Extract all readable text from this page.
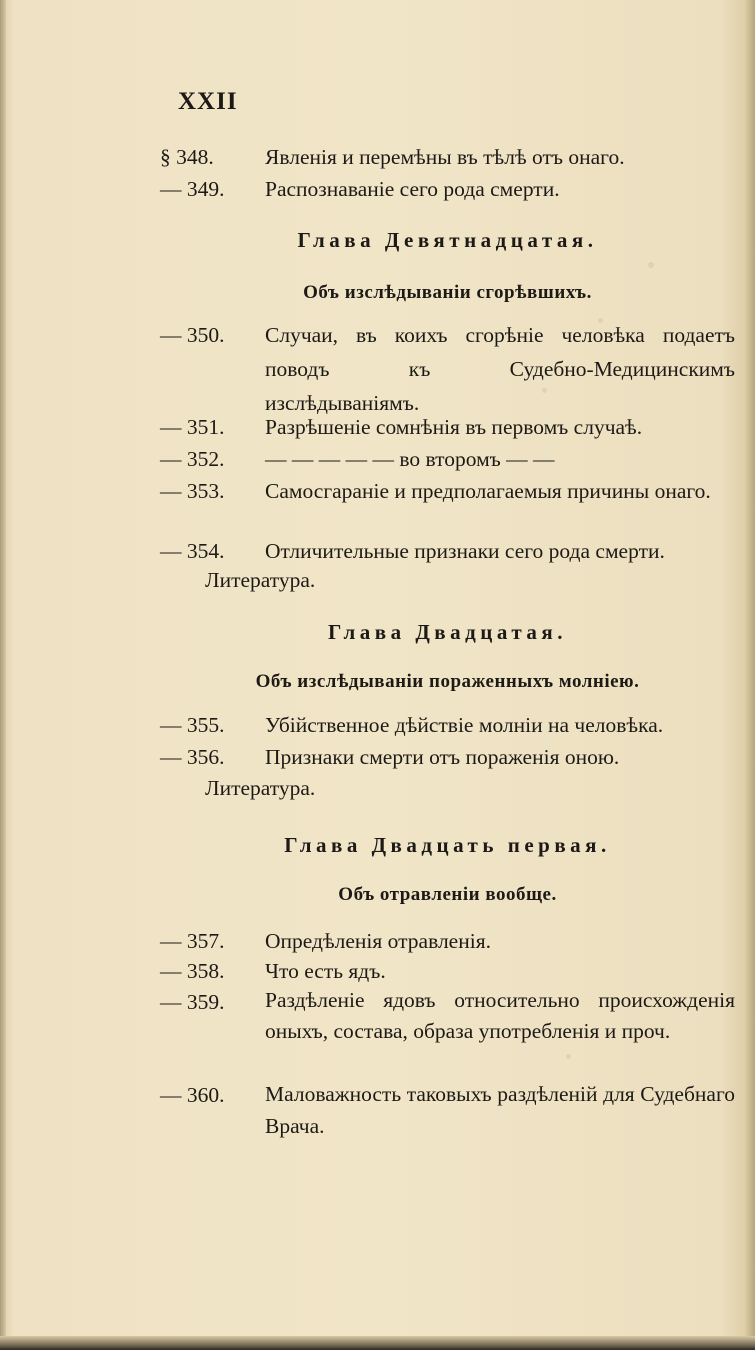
XXII
§ 348.	Явленія и перемѣны въ тѣлѣ отъ онаго.
— 349.	Распознаваніе сего рода смерти.
Глава Девятнадцатая.
Объ изслѣдываніи сгорѣвшихъ.
— 350.	Случаи, въ коихъ сгорѣніе человѣка подаетъ поводъ къ Судебно-Медицинскимъ изслѣдываніямъ.
— 351.	Разрѣшеніе сомнѣнія въ первомъ случаѣ.
— 352.	— — — — — во второмъ — —
— 353.	Самосгараніе и предполагаемыя причины онаго.
— 354.	Отличительные признаки сего рода смерти.
Литература.
Глава Двадцатая.
Объ изслѣдываніи пораженныхъ молніею.
— 355.	Убійственное дѣйствіе молніи на человѣка.
— 356.	Признаки смерти отъ пораженія оною.
Литература.
Глава Двадцать первая.
Объ отравленіи вообще.
— 357.	Опредѣленія отравленія.
— 358.	Что есть ядъ.
— 359.	Раздѣленіе ядовъ относительно происхожденія оныхъ, состава, образа употребленія и проч.
— 360.	Маловажность таковыхъ раздѣленій для Судебнаго Врача.
